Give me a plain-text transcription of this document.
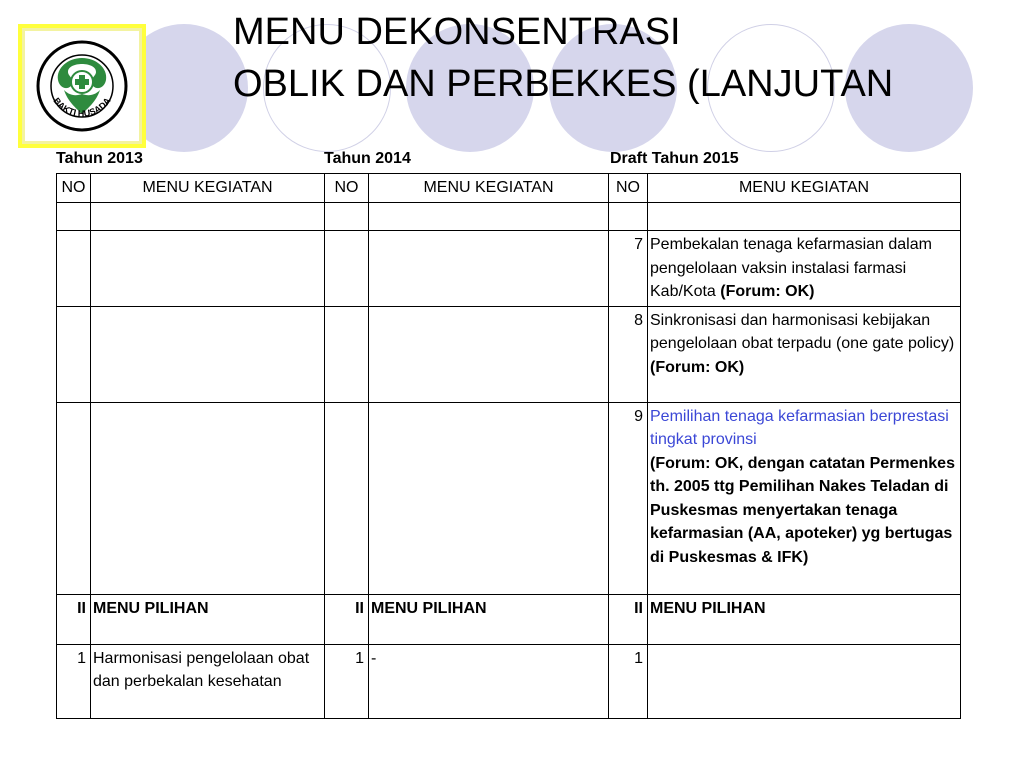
BAKTI HUSADA
MENU DEKONSENTRASI
OBLIK DAN PERBEKKES (LANJUTAN
Tahun 2013	Tahun 2014	Draft Tahun 2015
NO	MENU KEGIATAN	NO	MENU KEGIATAN	NO	MENU KEGIATAN

				7	Pembekalan tenaga kefarmasian dalam pengelolaan vaksin instalasi farmasi Kab/Kota (Forum: OK)
				8	Sinkronisasi dan harmonisasi kebijakan pengelolaan obat terpadu (one gate policy) (Forum: OK)
				9	Pemilihan tenaga kefarmasian berprestasi tingkat provinsi
(Forum: OK, dengan catatan Permenkes th. 2005 ttg Pemilihan Nakes Teladan di Puskesmas menyertakan tenaga kefarmasian (AA, apoteker) yg bertugas di Puskesmas & IFK)
II	MENU PILIHAN	II	MENU PILIHAN	II	MENU PILIHAN
1	Harmonisasi pengelolaan obat dan perbekalan kesehatan	1	-	1	
